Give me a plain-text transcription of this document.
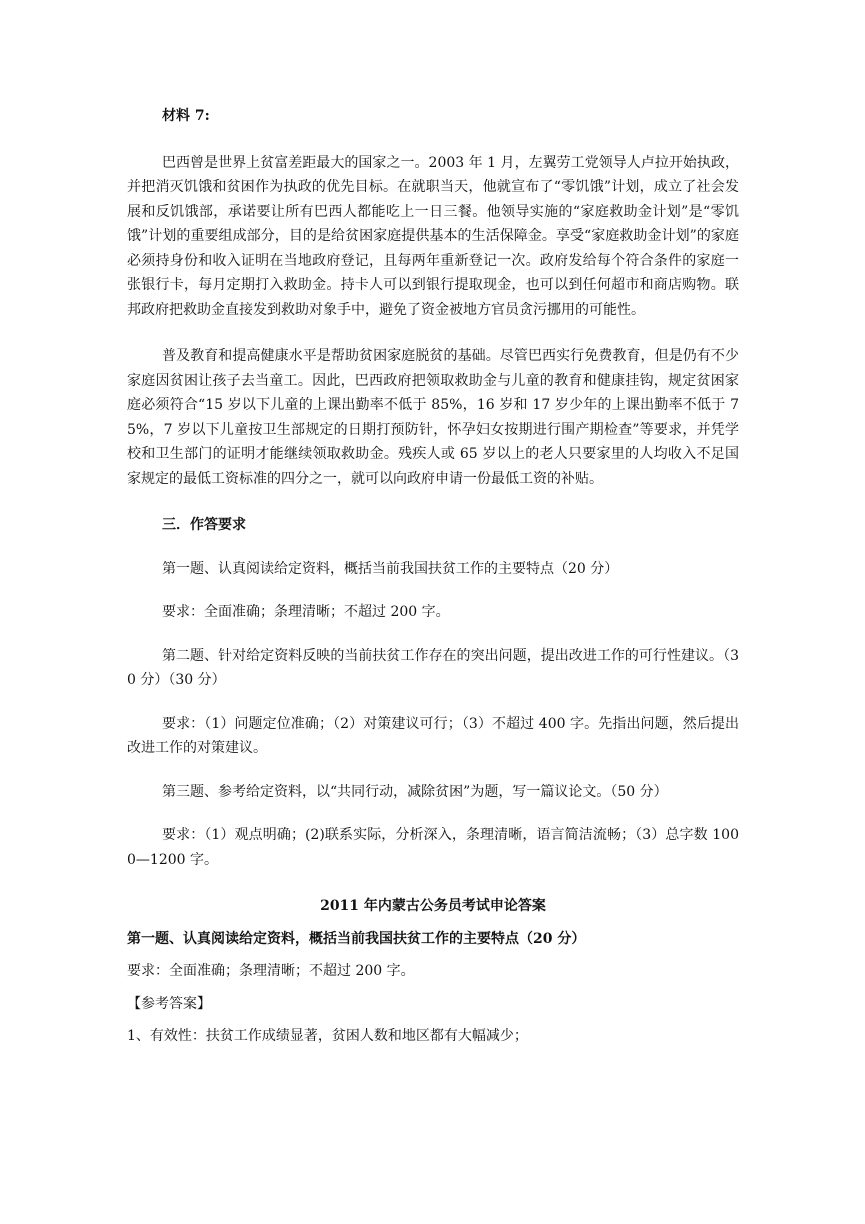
材料 7:

巴西曾是世界上贫富差距最大的国家之一。2003 年 1 月，左翼劳工党领导人卢拉开始执政，并把消灭饥饿和贫困作为执政的优先目标。在就职当天，他就宣布了“零饥饿”计划，成立了社会发展和反饥饿部，承诺要让所有巴西人都能吃上一日三餐。他领导实施的“家庭救助金计划”是“零饥饿”计划的重要组成部分，目的是给贫困家庭提供基本的生活保障金。享受“家庭救助金计划”的家庭必须持身份和收入证明在当地政府登记，且每两年重新登记一次。政府发给每个符合条件的家庭一张银行卡，每月定期打入救助金。持卡人可以到银行提取现金，也可以到任何超市和商店购物。联邦政府把救助金直接发到救助对象手中，避免了资金被地方官员贪污挪用的可能性。

普及教育和提高健康水平是帮助贫困家庭脱贫的基础。尽管巴西实行免费教育，但是仍有不少家庭因贫困让孩子去当童工。因此，巴西政府把领取救助金与儿童的教育和健康挂钩，规定贫困家庭必须符合“15 岁以下儿童的上课出勤率不低于 85%，16 岁和 17 岁少年的上课出勤率不低于 75%，7 岁以下儿童按卫生部规定的日期打预防针，怀孕妇女按期进行围产期检查”等要求，并凭学校和卫生部门的证明才能继续领取救助金。残疾人或 65 岁以上的老人只要家里的人均收入不足国家规定的最低工资标准的四分之一，就可以向政府申请一份最低工资的补贴。

三．作答要求

第一题、认真阅读给定资料，概括当前我国扶贫工作的主要特点（20 分）

要求：全面准确；条理清晰；不超过 200 字。

第二题、针对给定资料反映的当前扶贫工作存在的突出问题，提出改进工作的可行性建议。（30 分）（30 分）

要求：（1）问题定位准确；（2）对策建议可行；（3）不超过 400 字。先指出问题，然后提出改进工作的对策建议。

第三题、参考给定资料，以“共同行动，减除贫困”为题，写一篇议论文。（50 分）

要求：（1）观点明确；(2)联系实际，分析深入，条理清晰，语言简洁流畅；（3）总字数 1000—1200 字。

2011 年内蒙古公务员考试申论答案

第一题、认真阅读给定资料，概括当前我国扶贫工作的主要特点（20 分）

要求：全面准确；条理清晰；不超过 200 字。

【参考答案】

1、有效性：扶贫工作成绩显著，贫困人数和地区都有大幅减少；
